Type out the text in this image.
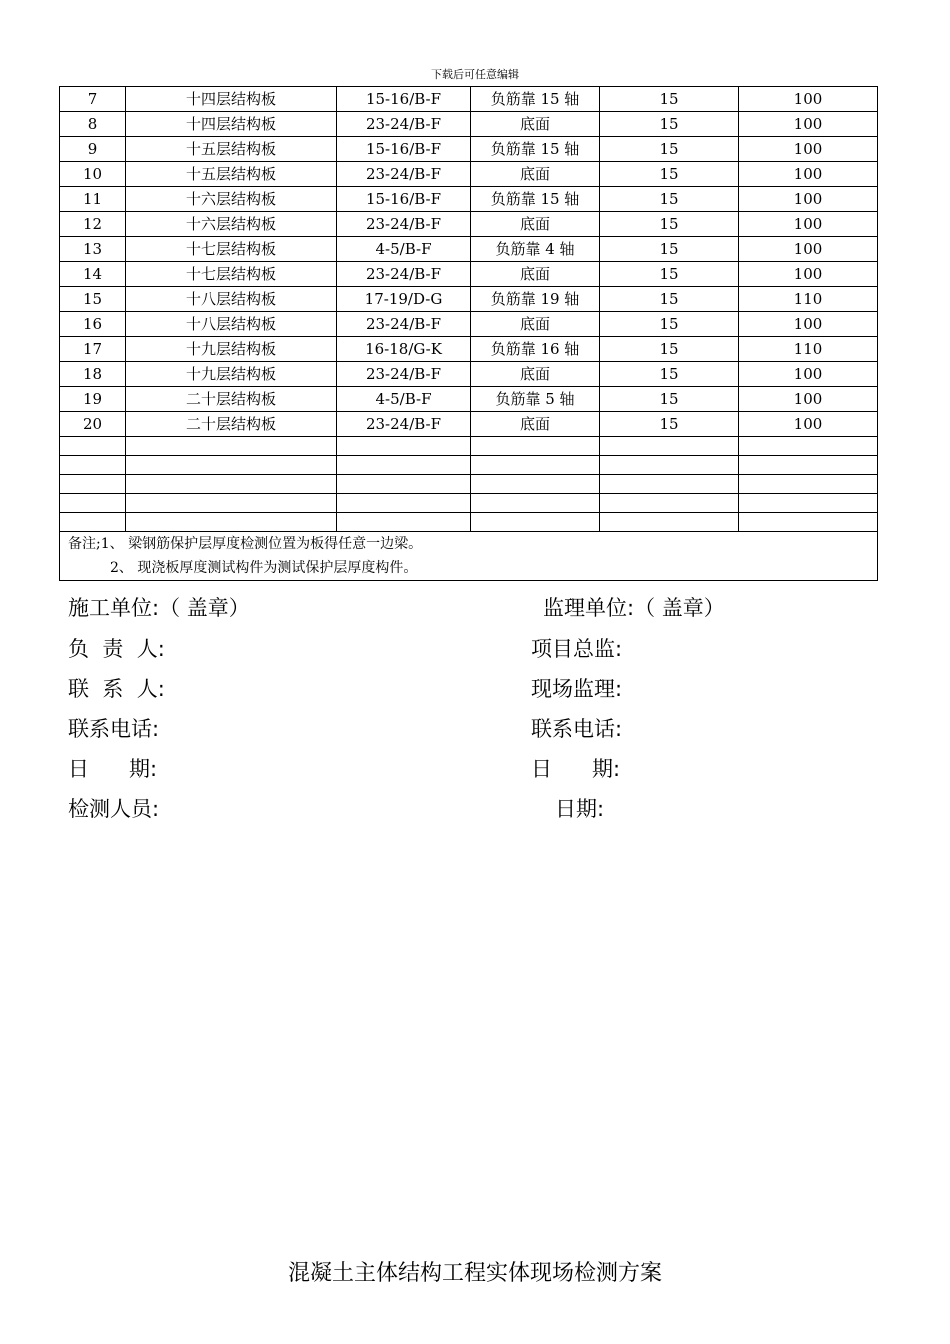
下载后可任意编辑
7	十四层结构板	15-16/B-F	负筋靠 15 轴	15	100
8	十四层结构板	23-24/B-F	底面	15	100
9	十五层结构板	15-16/B-F	负筋靠 15 轴	15	100
10	十五层结构板	23-24/B-F	底面	15	100
11	十六层结构板	15-16/B-F	负筋靠 15 轴	15	100
12	十六层结构板	23-24/B-F	底面	15	100
13	十七层结构板	4-5/B-F	负筋靠 4 轴	15	100
14	十七层结构板	23-24/B-F	底面	15	100
15	十八层结构板	17-19/D-G	负筋靠 19 轴	15	110
16	十八层结构板	23-24/B-F	底面	15	100
17	十九层结构板	16-18/G-K	负筋靠 16 轴	15	110
18	十九层结构板	23-24/B-F	底面	15	100
19	二十层结构板	4-5/B-F	负筋靠 5 轴	15	100
20	二十层结构板	23-24/B-F	底面	15	100

备注;1、 梁钢筋保护层厚度检测位置为板得任意一边梁。
2、 现浇板厚度测试构件为测试保护层厚度构件。					
施工单位:（ 盖章）	监理单位:（ 盖章）
负  责  人:	项目总监:
联  系  人:	现场监理:
联系电话:	联系电话:
日      期:	日      期:
检测人员:	日期:
混凝土主体结构工程实体现场检测方案
